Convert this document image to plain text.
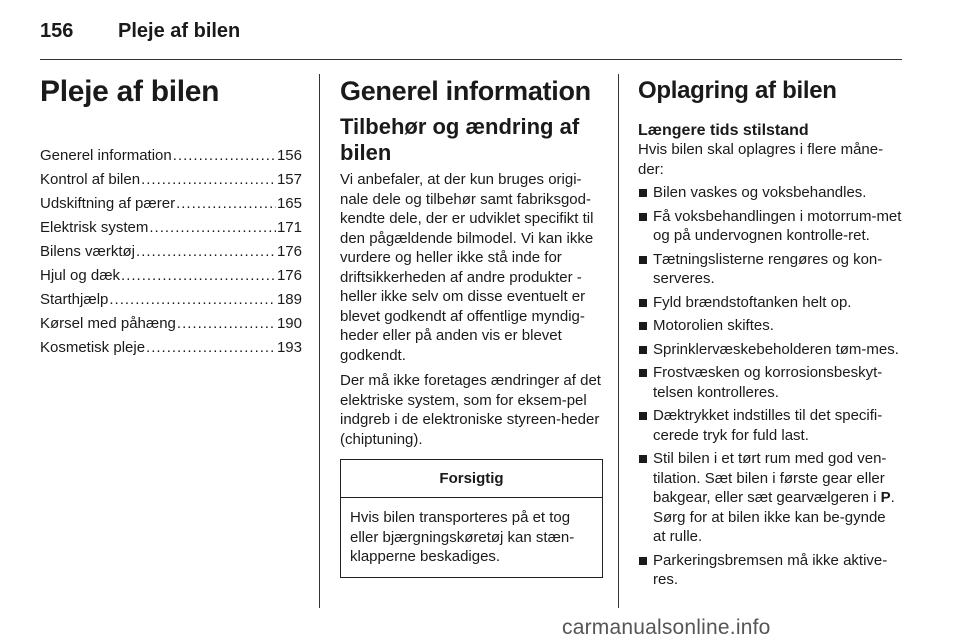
156 Pleje af bilen
Pleje af bilen
Generel information .....	156
Kontrol af bilen .....	157
Udskiftning af pærer .....	165
Elektrisk system .....	171
Bilens værktøj .....	176
Hjul og dæk .....	176
Starthjælp .....	189
Kørsel med påhæng .....	190
Kosmetisk pleje .....	193
Generel information
Tilbehør og ændring af bilen

Vi anbefaler, at der kun bruges origi-nale dele og tilbehør samt fabriksgod-kendte dele, der er udviklet specifikt til den pågældende bilmodel. Vi kan ikke vurdere og heller ikke stå inde for driftsikkerheden af andre produkter - heller ikke selv om disse eventuelt er blevet godkendt af offentlige myndig-heder eller på anden vis er blevet godkendt.

Der må ikke foretages ændringer af det elektriske system, som for eksem-pel indgreb i de elektroniske styreen-heder (chiptuning).

Forsigtig
Hvis bilen transporteres på et tog eller bjærgningskøretøj kan stæn-klapperne beskadiges.
Oplagring af bilen
Længere tids stilstand

Hvis bilen skal oplagres i flere måne-der:

Bilen vaskes og voksbehandles.
Få voksbehandlingen i motorrum-met og på undervognen kontrolle-ret.
Tætningslisterne rengøres og kon-serveres.
Fyld brændstoftanken helt op.
Motorolien skiftes.
Sprinklervæskebeholderen tøm-mes.
Frostvæsken og korrosionsbeskyt-telsen kontrolleres.
Dæktrykket indstilles til det specifi-cerede tryk for fuld last.
Stil bilen i et tørt rum med god ven-tilation. Sæt bilen i første gear eller bakgear, eller sæt gearvælgeren i P. Sørg for at bilen ikke kan be-gynde at rulle.
Parkeringsbremsen må ikke aktive-res.
carmanualsonline.info
